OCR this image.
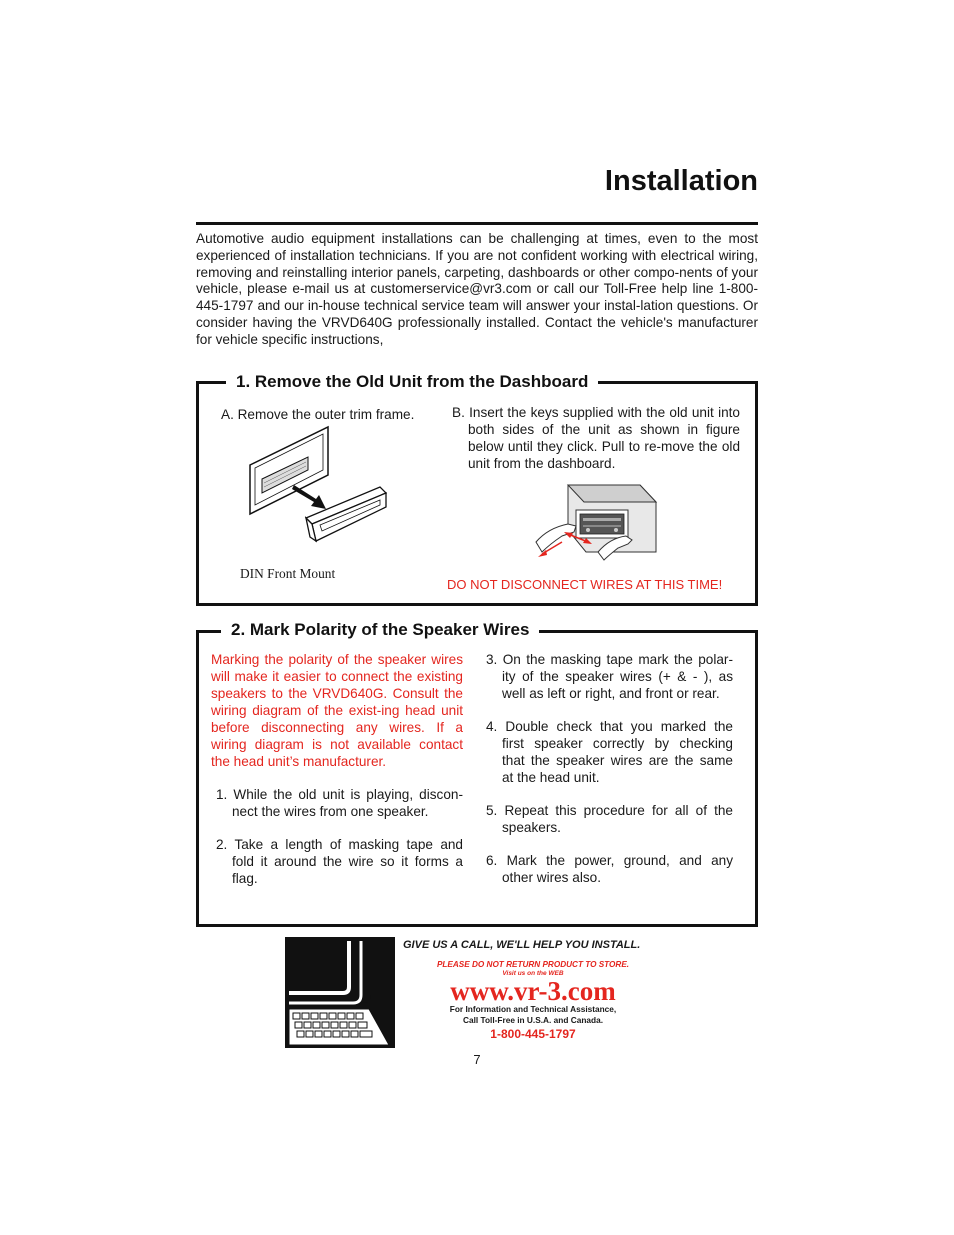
Installation
Automotive audio equipment installations can be challenging at times, even to the most experienced of installation technicians. If you are not confident working with electrical wiring, removing and reinstalling interior panels, carpeting, dashboards or other compo-nents of your vehicle, please e-mail us at customerservice@vr3.com or call our Toll-Free help line 1-800-445-1797 and our in-house technical service team will answer your instal-lation questions. Or consider having the VRVD640G professionally installed. Contact the vehicle's manufacturer for vehicle specific instructions,
1. Remove the Old Unit from the Dashboard
A. Remove the outer trim frame.	B. Insert the keys supplied with the old unit into both sides of the unit as shown in figure below until they click. Pull to re-move the old unit from the dashboard.
DIN Front Mount
DO NOT DISCONNECT WIRES AT THIS TIME!
2. Mark Polarity of the Speaker Wires
Marking the polarity of the speaker wires will make it easier to connect the existing speakers to the VRVD640G. Consult the wiring diagram of the exist-ing head unit before disconnecting any wires. If a wiring diagram is not available contact the head unit’s manufacturer.
1. While the old unit is playing, discon-nect the wires from one speaker.
2. Take a length of masking tape and fold it around the wire so it forms a flag.
3. On the masking tape mark the polar-ity of the speaker wires (+ & - ), as well as left or right, and front or rear.
4. Double check that you marked the first speaker correctly by checking that the speaker wires are the same at the head unit.
5. Repeat this procedure for all of the speakers.
6. Mark the power, ground, and any other wires also.
GIVE US A CALL, WE'LL HELP YOU INSTALL.
PLEASE DO NOT RETURN PRODUCT TO STORE.
Visit us on the WEB
www.vr-3.com
For Information and Technical Assistance,
Call Toll-Free in U.S.A. and Canada.
1-800-445-1797
7
